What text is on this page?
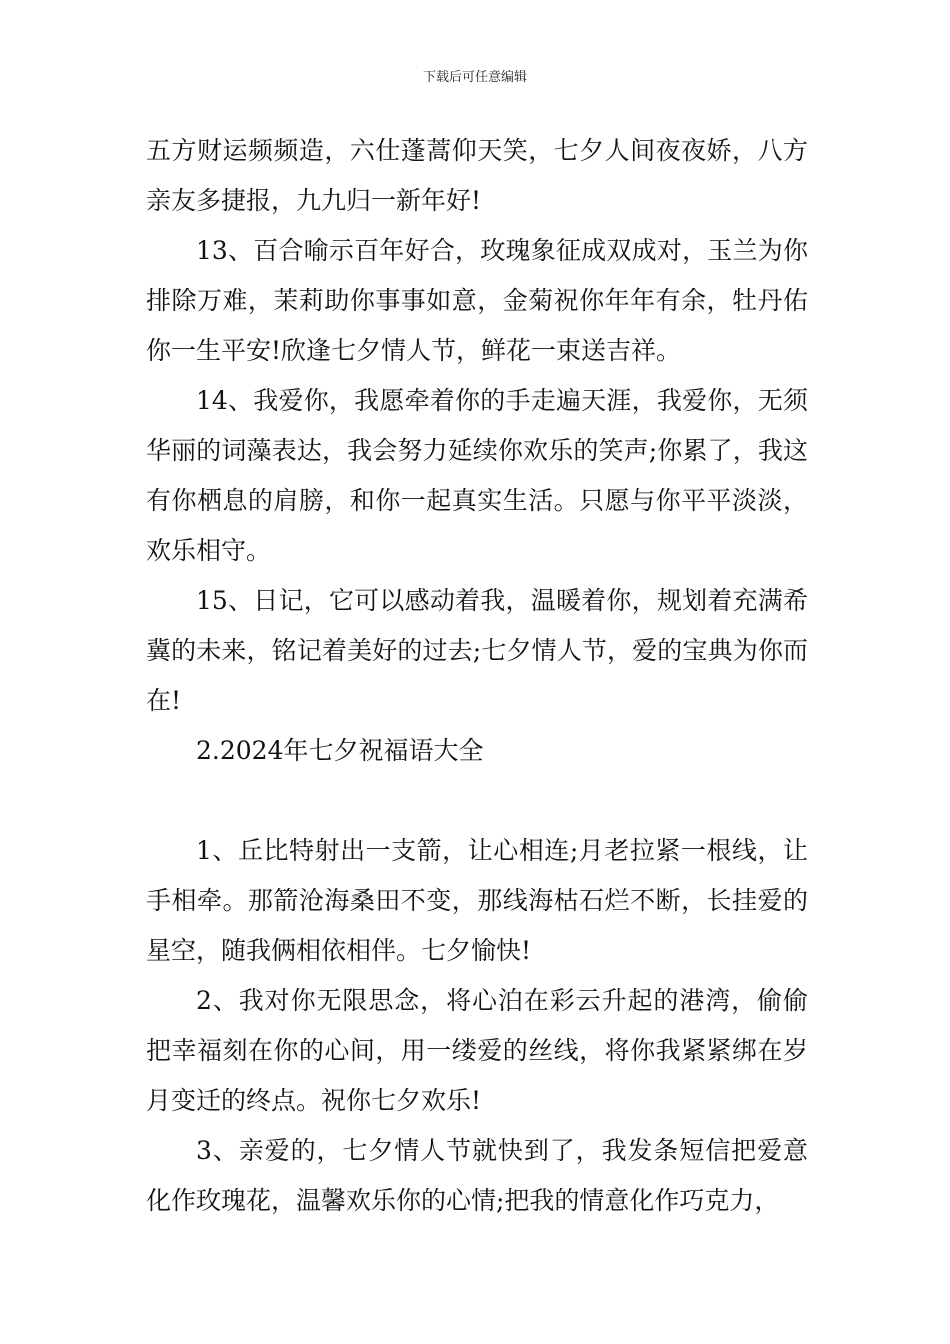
下载后可任意编辑

五方财运频频造，六仕蓬蒿仰天笑，七夕人间夜夜娇，八方亲友多捷报，九九归一新年好!

13、百合喻示百年好合，玫瑰象征成双成对，玉兰为你排除万难，茉莉助你事事如意，金菊祝你年年有余，牡丹佑你一生平安!欣逢七夕情人节，鲜花一束送吉祥。

14、我爱你，我愿牵着你的手走遍天涯，我爱你，无须华丽的词藻表达，我会努力延续你欢乐的笑声;你累了，我这有你栖息的肩膀，和你一起真实生活。只愿与你平平淡淡，欢乐相守。

15、日记，它可以感动着我，温暖着你，规划着充满希冀的未来，铭记着美好的过去;七夕情人节，爱的宝典为你而在!

2.2024年七夕祝福语大全

1、丘比特射出一支箭，让心相连;月老拉紧一根线，让手相牵。那箭沧海桑田不变，那线海枯石烂不断，长挂爱的星空，随我俩相依相伴。七夕愉快!

2、我对你无限思念，将心泊在彩云升起的港湾，偷偷把幸福刻在你的心间，用一缕爱的丝线，将你我紧紧绑在岁月变迁的终点。祝你七夕欢乐!

3、亲爱的，七夕情人节就快到了，我发条短信把爱意化作玫瑰花，温馨欢乐你的心情;把我的情意化作巧克力，
